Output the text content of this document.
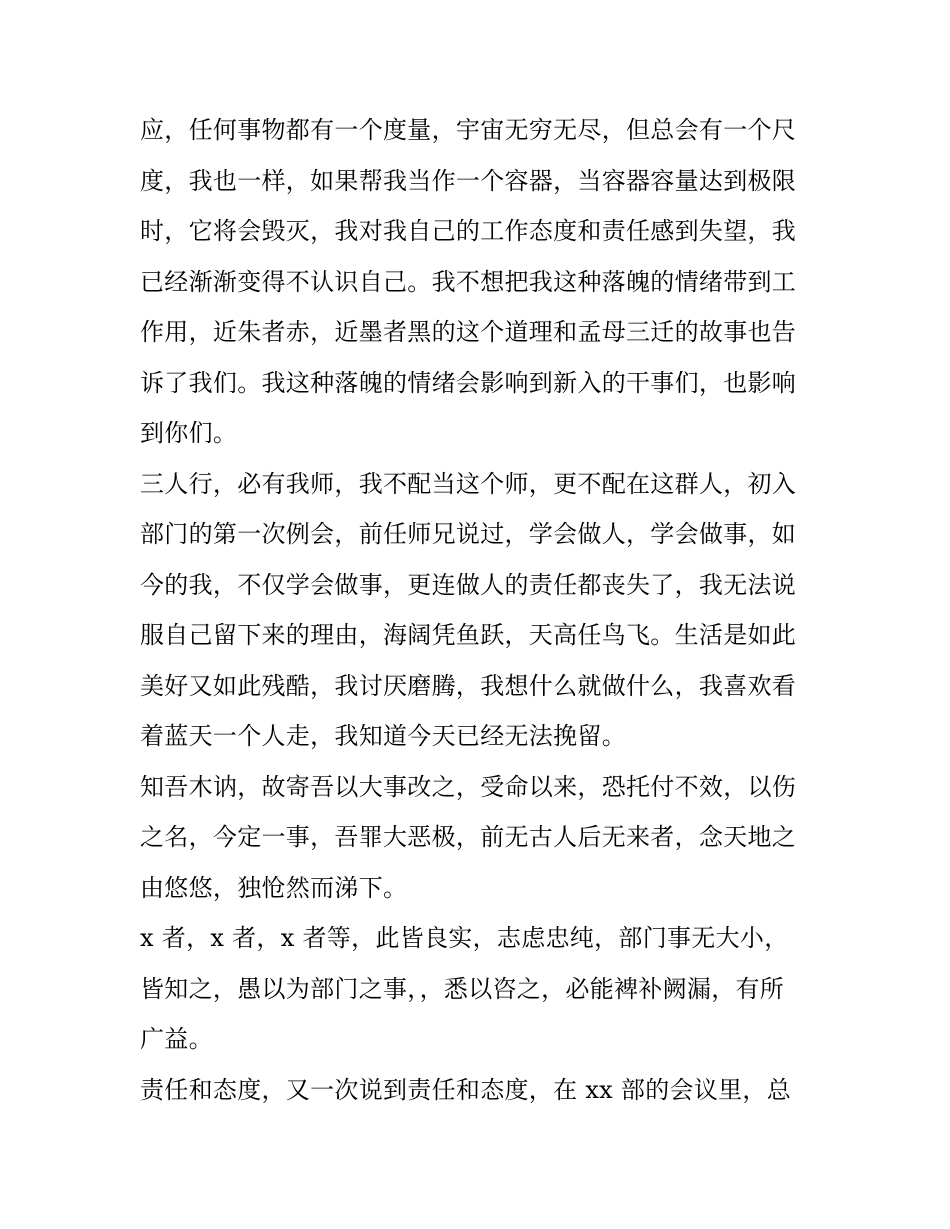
应，任何事物都有一个度量，宇宙无穷无尽，但总会有一个尺
度，我也一样，如果帮我当作一个容器，当容器容量达到极限
时，它将会毁灭，我对我自己的工作态度和责任感到失望，我
已经渐渐变得不认识自己。我不想把我这种落魄的情绪带到工
作用，近朱者赤，近墨者黑的这个道理和孟母三迁的故事也告
诉了我们。我这种落魄的情绪会影响到新入的干事们，也影响
到你们。
三人行，必有我师，我不配当这个师，更不配在这群人，初入
部门的第一次例会，前任师兄说过，学会做人，学会做事，如
今的我，不仅学会做事，更连做人的责任都丧失了，我无法说
服自己留下来的理由，海阔凭鱼跃，天高任鸟飞。生活是如此
美好又如此残酷，我讨厌磨腾，我想什么就做什么，我喜欢看
着蓝天一个人走，我知道今天已经无法挽留。
知吾木讷，故寄吾以大事改之，受命以来，恐托付不效，以伤
之名，今定一事，吾罪大恶极，前无古人后无来者，念天地之
由悠悠，独怆然而涕下。
x 者，x 者，x 者等，此皆良实，志虑忠纯，部门事无大小，
皆知之，愚以为部门之事，，悉以咨之，必能裨补阙漏，有所
广益。
责任和态度，又一次说到责任和态度，在 xx 部的会议里，总
